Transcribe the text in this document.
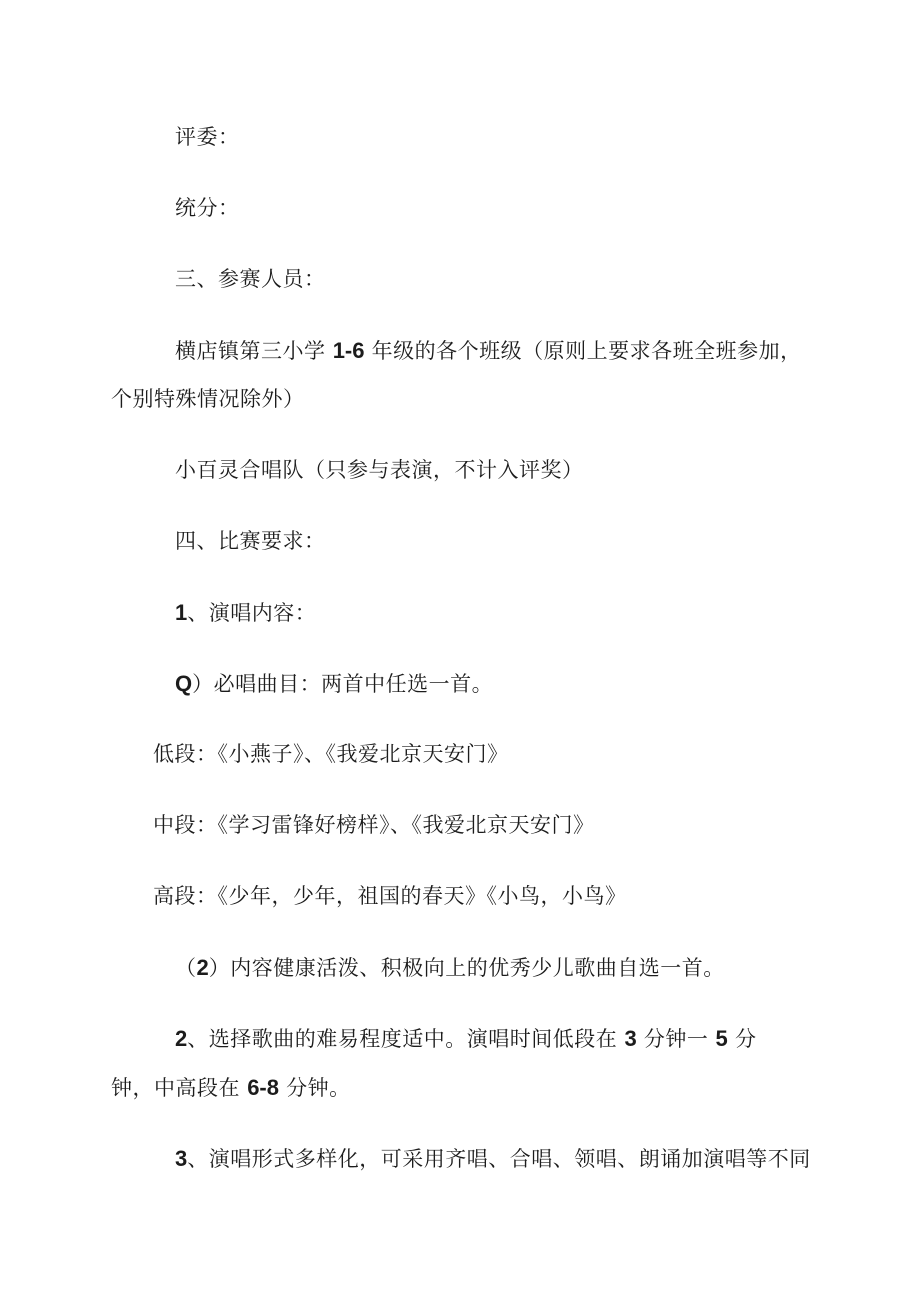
评委：

统分：

三、参赛人员：

横店镇第三小学 1-6 年级的各个班级（原则上要求各班全班参加，

个别特殊情况除外）

小百灵合唱队（只参与表演，不计入评奖）

四、比赛要求：

1、演唱内容：

Q）必唱曲目：两首中任选一首。

低段：《小燕子》、《我爱北京天安门》

中段：《学习雷锋好榜样》、《我爱北京天安门》

高段：《少年，少年，祖国的春天》《小鸟，小鸟》

（2）内容健康活泼、积极向上的优秀少儿歌曲自选一首。

2、选择歌曲的难易程度适中。演唱时间低段在 3 分钟一 5 分

钟，中高段在 6-8 分钟。

3、演唱形式多样化，可采用齐唱、合唱、领唱、朗诵加演唱等不同
